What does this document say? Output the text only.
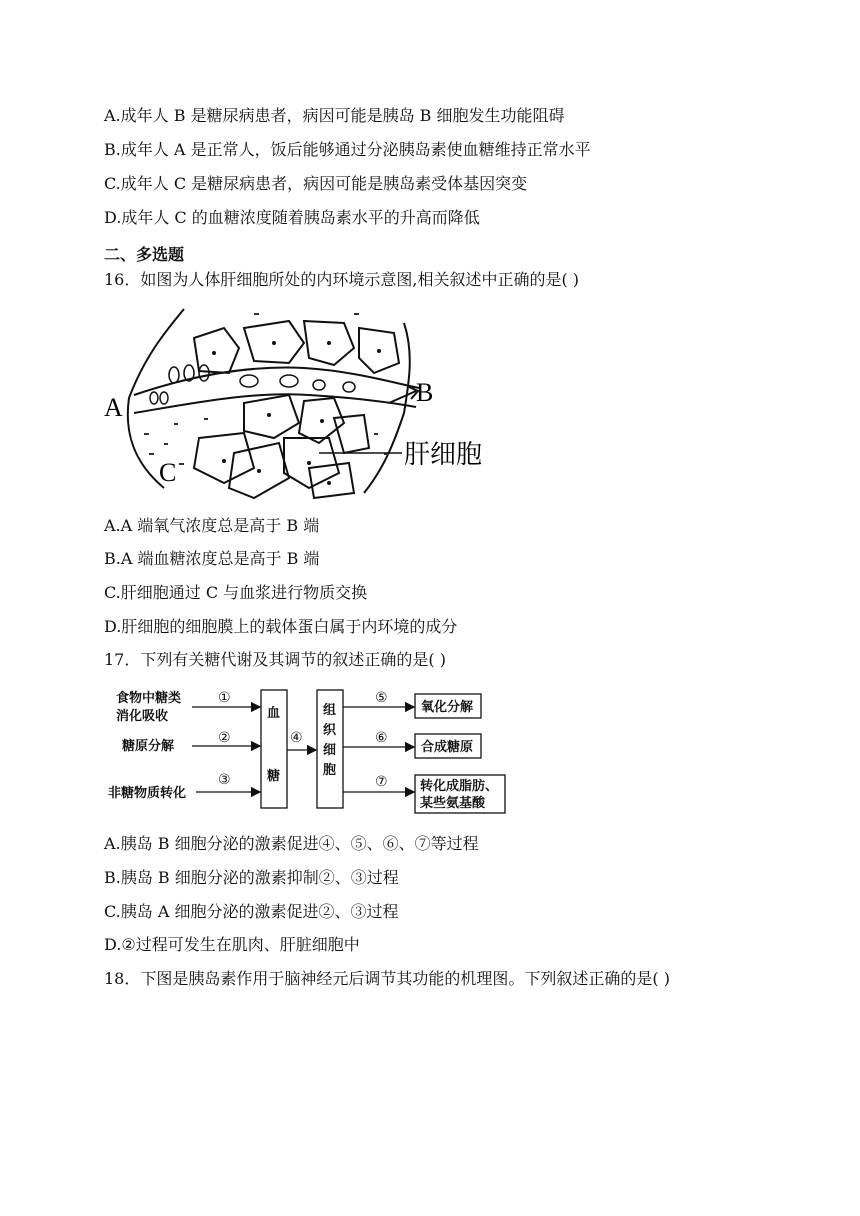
A.成年人 B 是糖尿病患者，病因可能是胰岛 B 细胞发生功能阻碍
B.成年人 A 是正常人，饭后能够通过分泌胰岛素使血糖维持正常水平
C.成年人 C 是糖尿病患者，病因可能是胰岛素受体基因突变
D.成年人 C 的血糖浓度随着胰岛素水平的升高而降低
二、多选题
16．如图为人体肝细胞所处的内环境示意图,相关叙述中正确的是( )
A
B
C
肝细胞
A.A 端氧气浓度总是高于 B 端
B.A 端血糖浓度总是高于 B 端
C.肝细胞通过 C 与血浆进行物质交换
D.肝细胞的细胞膜上的载体蛋白属于内环境的成分
17．下列有关糖代谢及其调节的叙述正确的是( )
食物中糖类
消化吸收
糖原分解
非糖物质转化
①
②
③
④
⑤
⑥
⑦
血
糖
组
织
细
胞
氧化分解
合成糖原
转化成脂肪、
某些氨基酸
A.胰岛 B 细胞分泌的激素促进④、⑤、⑥、⑦等过程
B.胰岛 B 细胞分泌的激素抑制②、③过程
C.胰岛 A 细胞分泌的激素促进②、③过程
D.②过程可发生在肌肉、肝脏细胞中
18．下图是胰岛素作用于脑神经元后调节其功能的机理图。下列叙述正确的是( )
